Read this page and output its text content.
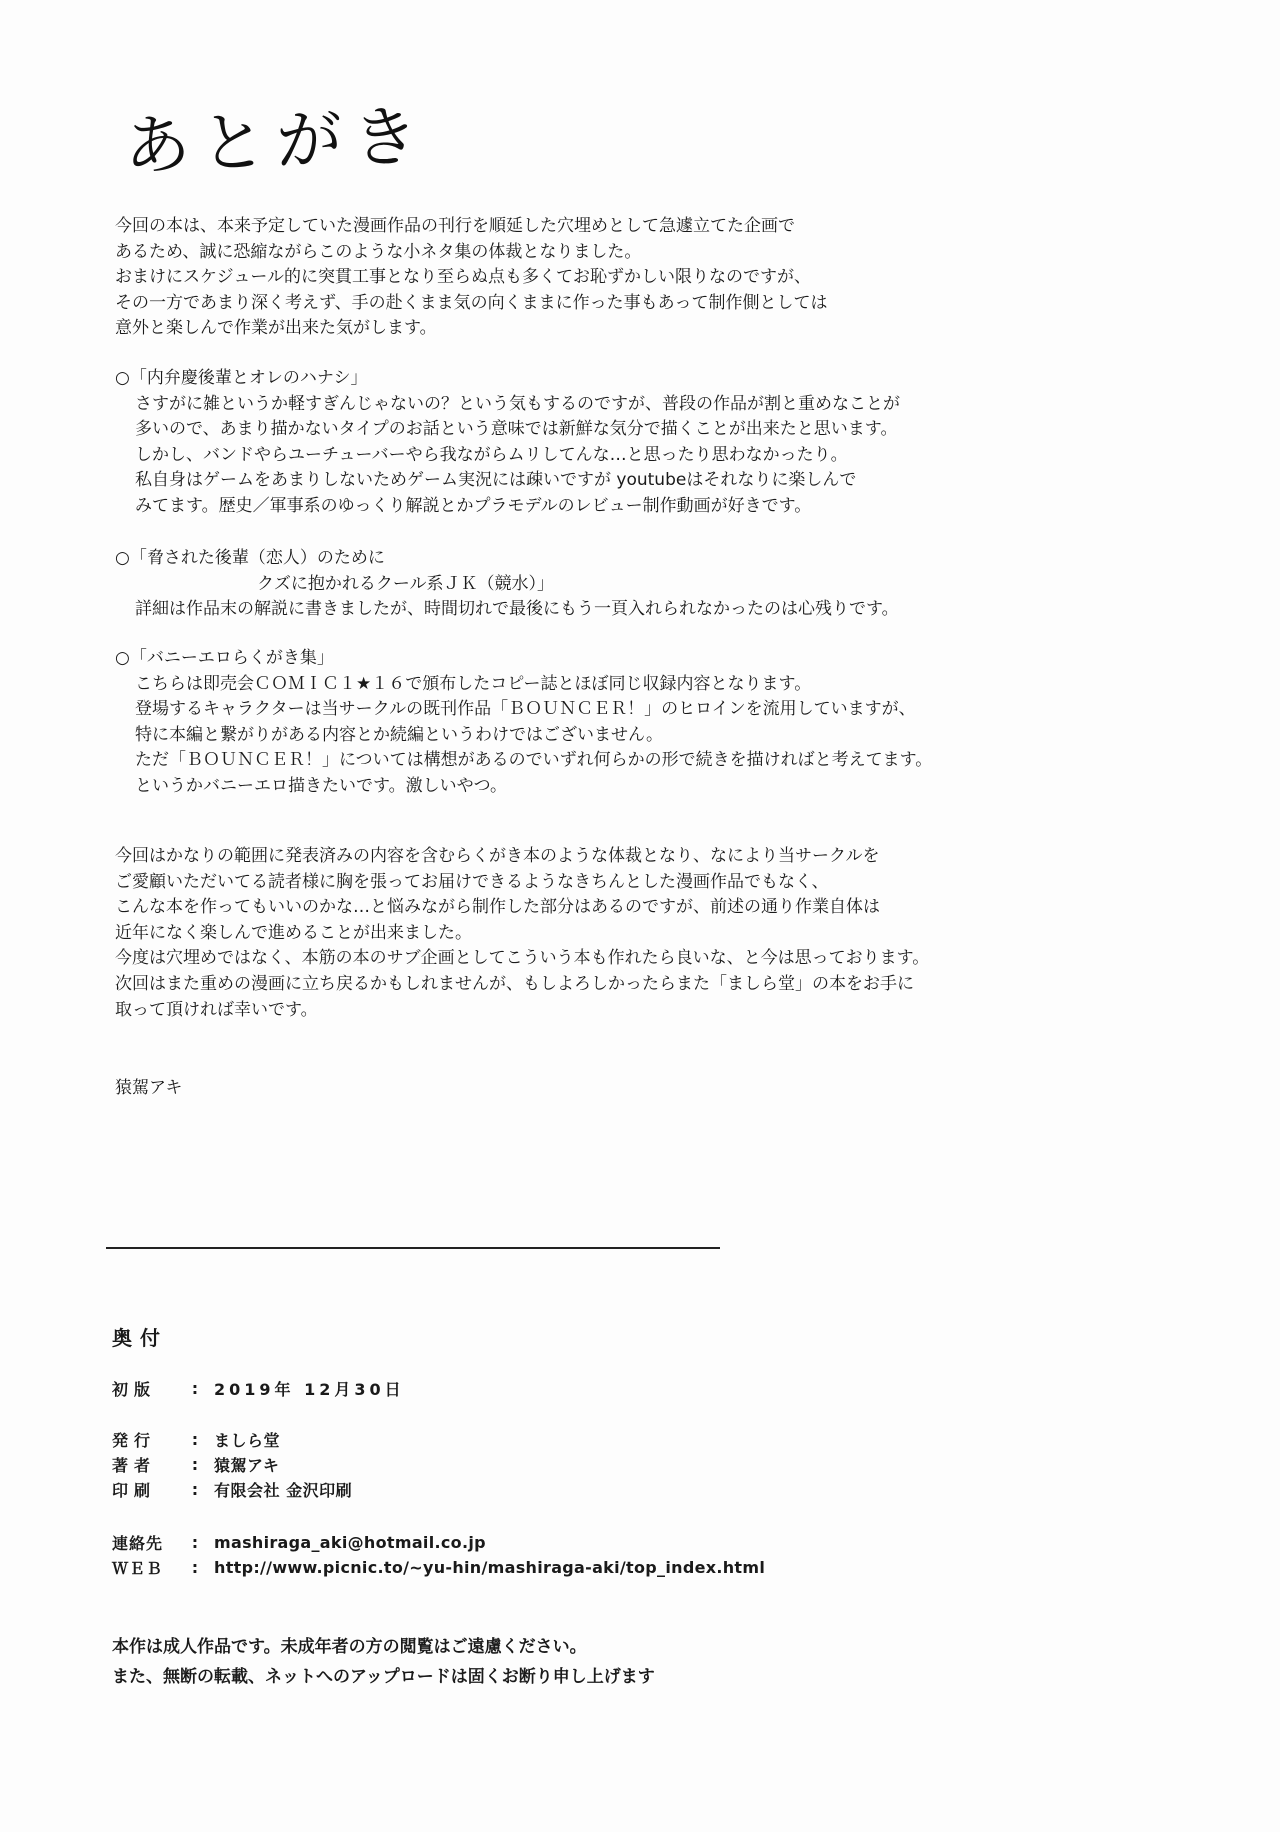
あとがき

今回の本は、本来予定していた漫画作品の刊行を順延した穴埋めとして急遽立てた企画で

あるため、誠に恐縮ながらこのような小ネタ集の体裁となりました。

おまけにスケジュール的に突貫工事となり至らぬ点も多くてお恥ずかしい限りなのですが、

その一方であまり深く考えず、手の赴くまま気の向くままに作った事もあって制作側としては

意外と楽しんで作業が出来た気がします。

○「内弁慶後輩とオレのハナシ」

さすがに雑というか軽すぎんじゃないの？という気もするのですが、普段の作品が割と重めなことが

多いので、あまり描かないタイプのお話という意味では新鮮な気分で描くことが出来たと思います。

しかし、バンドやらユーチューバーやら我ながらムリしてんな…と思ったり思わなかったり。

私自身はゲームをあまりしないためゲーム実況には疎いですが youtubeはそれなりに楽しんで

みてます。歴史／軍事系のゆっくり解説とかプラモデルのレビュー制作動画が好きです。

○「脅された後輩（恋人）のために

クズに抱かれるクール系ＪＫ（競水）」

詳細は作品末の解説に書きましたが、時間切れで最後にもう一頁入れられなかったのは心残りです。

○「バニーエロらくがき集」

こちらは即売会ＣＯＭＩＣ１★１６で頒布したコピー誌とほぼ同じ収録内容となります。

登場するキャラクターは当サークルの既刊作品「ＢＯＵＮＣＥＲ！」のヒロインを流用していますが、

特に本編と繋がりがある内容とか続編というわけではございません。

ただ「ＢＯＵＮＣＥＲ！」については構想があるのでいずれ何らかの形で続きを描ければと考えてます。

というかバニーエロ描きたいです。激しいやつ。

今回はかなりの範囲に発表済みの内容を含むらくがき本のような体裁となり、なにより当サークルを

ご愛顧いただいてる読者様に胸を張ってお届けできるようなきちんとした漫画作品でもなく、

こんな本を作ってもいいのかな…と悩みながら制作した部分はあるのですが、前述の通り作業自体は

近年になく楽しんで進めることが出来ました。

今度は穴埋めではなく、本筋の本のサブ企画としてこういう本も作れたら良いな、と今は思っております。

次回はまた重めの漫画に立ち戻るかもしれませんが、もしよろしかったらまた「ましら堂」の本をお手に

取って頂ければ幸いです。

猿駕アキ
奥付
初版	: 2019年 12月30日
発行	: ましら堂
著者	: 猿駕アキ
印刷	: 有限会社 金沢印刷
連絡先	: mashiraga_aki@hotmail.co.jp
ＷＥＢ	: http://www.picnic.to/~yu-hin/mashiraga-aki/top_index.html

本作は成人作品です。未成年者の方の閲覧はご遠慮ください。

また、無断の転載、ネットへのアップロードは固くお断り申し上げます
